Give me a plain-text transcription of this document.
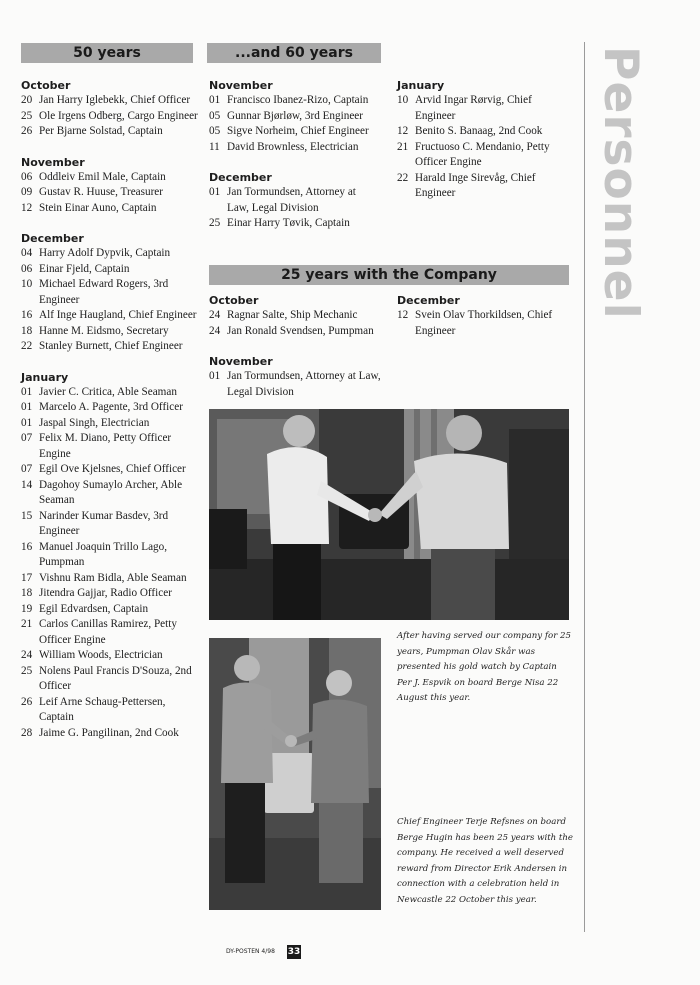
50 years	...and 60 years
25 years with the Company
October
20 Jan Harry Iglebekk, Chief Officer
25 Ole Irgens Odberg, Cargo Engineer
26 Per Bjarne Solstad, Captain
November
06 Oddleiv Emil Male, Captain
09 Gustav R. Huuse, Treasurer
12 Stein Einar Auno, Captain
December
04 Harry Adolf Dypvik, Captain
06 Einar Fjeld, Captain
10 Michael Edward Rogers, 3rd Engineer
16 Alf Inge Haugland, Chief Engineer
18 Hanne M. Eidsmo, Secretary
22 Stanley Burnett, Chief Engineer
January
01 Javier C. Critica, Able Seaman
01 Marcelo A. Pagente, 3rd Officer
01 Jaspal Singh, Electrician
07 Felix M. Diano, Petty Officer Engine
07 Egil Ove Kjelsnes, Chief Officer
14 Dagohoy Sumaylo Archer, Able Seaman
15 Narinder Kumar Basdev, 3rd Engineer
16 Manuel Joaquin Trillo Lago, Pumpman
17 Vishnu Ram Bidla, Able Seaman
18 Jitendra Gajjar, Radio Officer
19 Egil Edvardsen, Captain
21 Carlos Canillas Ramirez, Petty Officer Engine
24 William Woods, Electrician
25 Nolens Paul Francis D'Souza, 2nd Officer
26 Leif Arne Schaug-Pettersen, Captain
28 Jaime G. Pangilinan, 2nd Cook
November
01 Francisco Ibanez-Rizo, Captain
05 Gunnar Bjørløw, 3rd Engineer
05 Sigve Norheim, Chief Engineer
11 David Brownless, Electrician
December
01 Jan Tormundsen, Attorney at Law, Legal Division
25 Einar Harry Tøvik, Captain
January
10 Arvid Ingar Rørvig, Chief Engineer
12 Benito S. Banaag, 2nd Cook
21 Fructuoso C. Mendanio, Petty Officer Engine
22 Harald Inge Sirevåg, Chief Engineer
October
24 Ragnar Salte, Ship Mechanic
24 Jan Ronald Svendsen, Pumpman
November
01 Jan Tormundsen, Attorney at Law, Legal Division
December
12 Svein Olav Thorkildsen, Chief Engineer
Personnel
After having served our company for 25 years, Pumpman Olav Skår was presented his gold watch by Captain Per J. Espvik on board Berge Nisa 22 August this year.
Chief Engineer Terje Refsnes on board Berge Hugin has been 25 years with the company. He received a well deserved reward from Director Erik Andersen in connection with a celebration held in Newcastle 22 October this year.
DY-POSTEN 4/98 33
